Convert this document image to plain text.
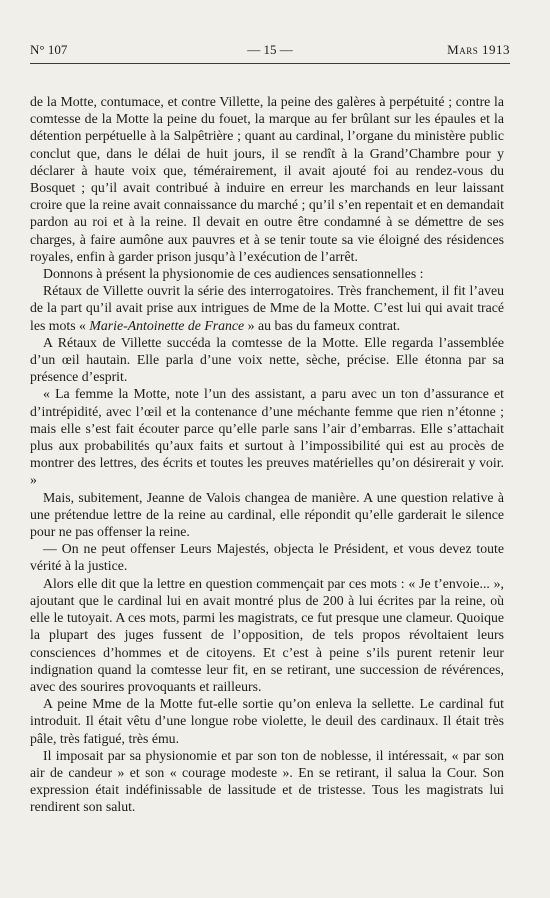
N° 107	— 15 —	Mars 1913

de la Motte, contumace, et contre Villette, la peine des galères à perpétuité ; contre la comtesse de la Motte la peine du fouet, la marque au fer brûlant sur les épaules et la détention perpétuelle à la Salpêtrière ; quant au cardinal, l’organe du ministère public conclut que, dans le délai de huit jours, il se rendît à la Grand’Chambre pour y déclarer à haute voix que, témérairement, il avait ajouté foi au rendez-vous du Bosquet ; qu’il avait contribué à induire en erreur les marchands en leur laissant croire que la reine avait connaissance du marché ; qu’il s’en repentait et en demandait pardon au roi et à la reine. Il devait en outre être condamné à se démettre de ses charges, à faire aumône aux pauvres et à se tenir toute sa vie éloigné des résidences royales, enfin à garder prison jusqu’à l’exécution de l’arrêt.

Donnons à présent la physionomie de ces audiences sensationnelles :

Rétaux de Villette ouvrit la série des interrogatoires. Très franchement, il fit l’aveu de la part qu’il avait prise aux intrigues de Mme de la Motte. C’est lui qui avait tracé les mots « Marie-Antoinette de France » au bas du fameux contrat.

A Rétaux de Villette succéda la comtesse de la Motte. Elle regarda l’assemblée d’un œil hautain. Elle parla d’une voix nette, sèche, précise. Elle étonna par sa présence d’esprit.

« La femme la Motte, note l’un des assistant, a paru avec un ton d’assurance et d’intrépidité, avec l’œil et la contenance d’une méchante femme que rien n’étonne ; mais elle s’est fait écouter parce qu’elle parle sans l’air d’embarras. Elle s’attachait plus aux probabilités qu’aux faits et surtout à l’impossibilité qui est au procès de montrer des lettres, des écrits et toutes les preuves matérielles qu’on désirerait y voir. »

Mais, subitement, Jeanne de Valois changea de manière. A une question relative à une prétendue lettre de la reine au cardinal, elle répondit qu’elle garderait le silence pour ne pas offenser la reine.

— On ne peut offenser Leurs Majestés, objecta le Président, et vous devez toute vérité à la justice.

Alors elle dit que la lettre en question commençait par ces mots : « Je t’envoie... », ajoutant que le cardinal lui en avait montré plus de 200 à lui écrites par la reine, où elle le tutoyait. A ces mots, parmi les magistrats, ce fut presque une clameur. Quoique la plupart des juges fussent de l’opposition, de tels propos révoltaient leurs consciences d’hommes et de citoyens. Et c’est à peine s’ils purent retenir leur indignation quand la comtesse leur fit, en se retirant, une succession de révérences, avec des sourires provoquants et railleurs.

A peine Mme de la Motte fut-elle sortie qu’on enleva la sellette. Le cardinal fut introduit. Il était vêtu d’une longue robe violette, le deuil des cardinaux. Il était très pâle, très fatigué, très ému.

Il imposait par sa physionomie et par son ton de noblesse, il intéressait, « par son air de candeur » et son « courage modeste ». En se retirant, il salua la Cour. Son expression était indéfinissable de lassitude et de tristesse. Tous les magistrats lui rendirent son salut.
